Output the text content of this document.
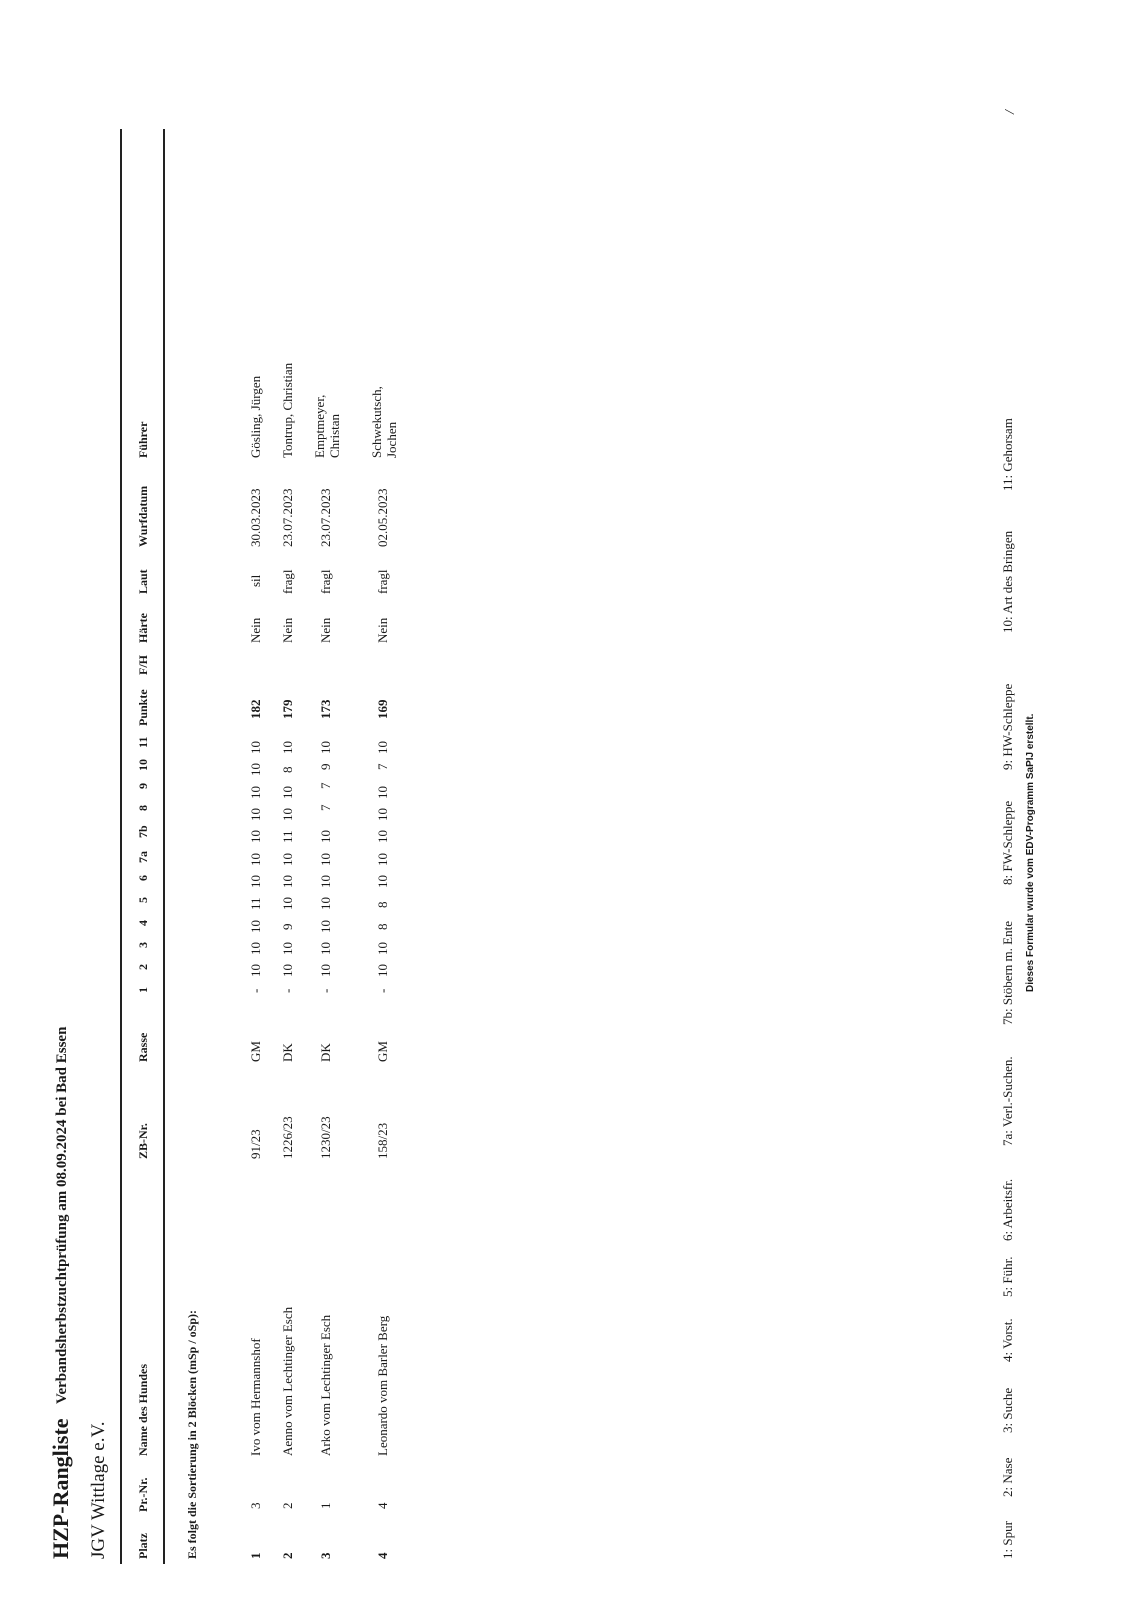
HZP-Rangliste
Verbandsherbstzuchtprüfung am 08.09.2024 bei Bad Essen
JGV Wittlage e.V. Platz
Pr.-Nr.
Name des Hundes
ZB-Nr.
Rasse
1
2
3
4
5
6
7a
7b
8
9
10
11
Punkte
F/H
Härte
Laut
Wurfdatum
Führer
Es folgt die Sortierung in 2 Blöcken (mSp / oSp):	1
3
Ivo vom Hermannshof
91/23
GM
-
10
10
10
11
10
10
10
10
10
10
10
182
Nein
sil
30.03.2023
Gösling, Jürgen
2
2
Aenno vom Lechtinger Esch
1226/23
DK
-
10
10
9
10
10
10
11
10
10
8
10
179
Nein
fragl
23.07.2023
Tontrup, Christian
3
1
Arko vom Lechtinger Esch
1230/23
DK
-
10
10
10
10
10
10
10
7
7
9
10
173
Nein
fragl
23.07.2023
Emptmeyer, Christan
4
4
Leonardo vom Barler Berg
158/23
GM
-
10
10
8
8
10
10
10
10
10
7
10
169
Nein
fragl
02.05.2023
Schwekutsch, Jochen
1: Spur
2: Nase
3: Suche
4: Vorst.
5: Führ.
6: Arbeitsfr.
7a: Verl.-Suchen.
7b: Stöbern m. Ente
8: FW-Schleppe
9: HW-Schleppe
10: Art des Bringen
11: Gehorsam
Dieses Formular wurde vom EDV-Programm SaPIJ erstellt.
/
